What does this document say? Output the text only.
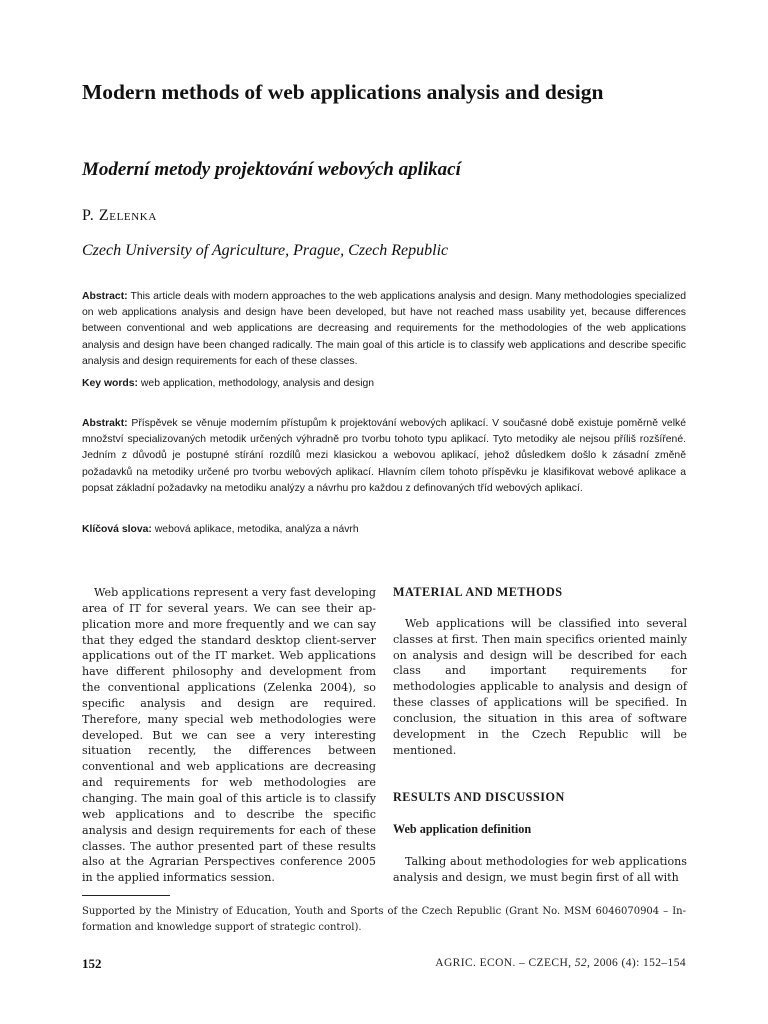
Modern methods of web applications analysis and design
Moderní metody projektování webových aplikací
P. Zelenka
Czech University of Agriculture, Prague, Czech Republic
Abstract: This article deals with modern approaches to the web applications analysis and design. Many methodologies specialized on web applications analysis and design have been developed, but have not reached mass usability yet, because differences between conventional and web applications are decreasing and requirements for the methodologies of the web applications analysis and design have been changed radically. The main goal of this article is to classify web applications and describe specific analysis and design requirements for each of these classes.
Key words: web application, methodology, analysis and design
Abstrakt: Příspěvek se věnuje moderním přístupům k projektování webových aplikací. V současné době existuje poměrně velké množství specializovaných metodik určených výhradně pro tvorbu tohoto typu aplikací. Tyto metodiky ale nejsou příliš rozšířené. Jedním z důvodů je postupné stírání rozdílů mezi klasickou a webovou aplikací, jehož důsledkem došlo k zásadní změně požadavků na metodiky určené pro tvorbu webových aplikací. Hlavním cílem tohoto příspěvku je klasifikovat webové aplikace a popsat základní požadavky na metodiku analýzy a návrhu pro každou z definovaných tříd webových aplikací.
Klíčová slova: webová aplikace, metodika, analýza a návrh

Web applications represent a very fast developing area of IT for several years. We can see their application more and more frequently and we can say that they edged the standard desktop client-server applications out of the IT market. Web applications have different philosophy and development from the conventional applications (Zelenka 2004), so specific analysis and design are required. Therefore, many special web methodologies were developed. But we can see a very interesting situation recently, the differences between conventional and web applications are decreasing and requirements for web methodologies are changing. The main goal of this article is to classify web applications and to describe the specific analysis and design requirements for each of these classes. The author presented part of these results also at the Agrarian Perspectives conference 2005 in the applied informatics session.

MATERIAL AND METHODS

Web applications will be classified into several classes at first. Then main specifics oriented mainly on analysis and design will be described for each class and important requirements for methodologies applicable to analysis and design of these classes of applications will be specified. In conclusion, the situation in this area of software development in the Czech Republic will be mentioned.

RESULTS AND DISCUSSION
Web application definition

Talking about methodologies for web applications analysis and design, we must begin first of all with

Supported by the Ministry of Education, Youth and Sports of the Czech Republic (Grant No. MSM 6046070904 – Information and knowledge support of strategic control).
152	AGRIC. ECON. – CZECH, 52, 2006 (4): 152–154
